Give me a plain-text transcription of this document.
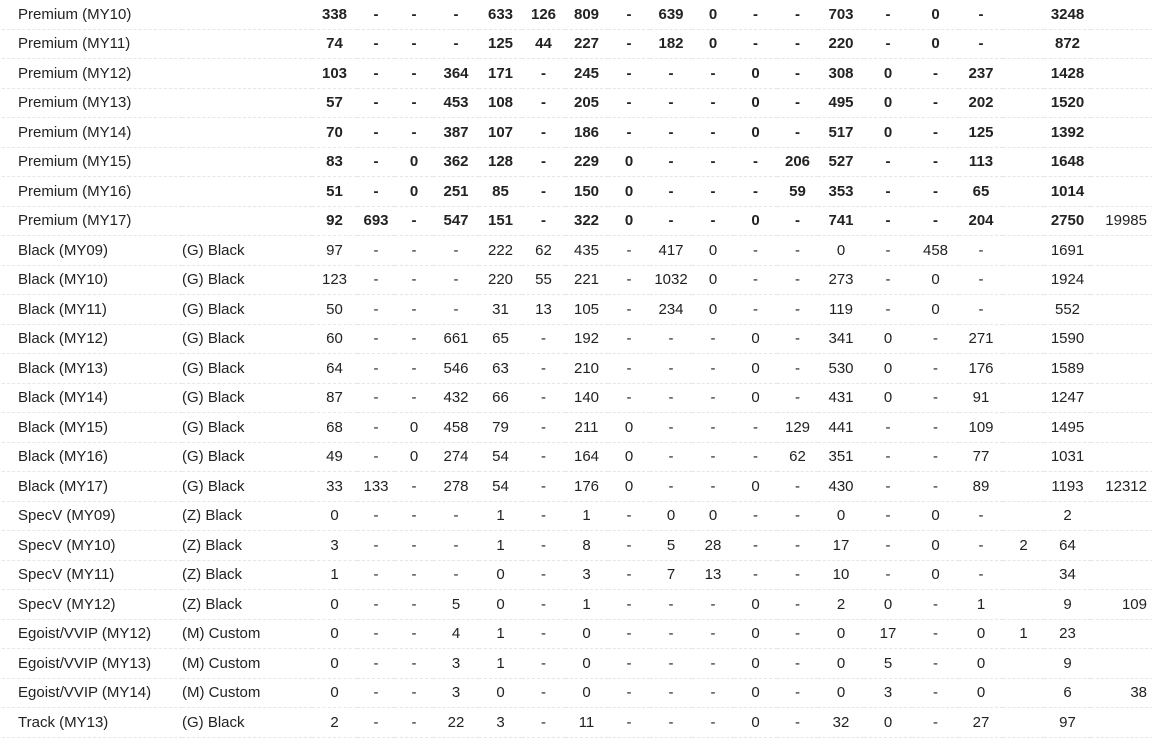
Premium (MY10)		338	-	-	-	633	126	809	-	639	0	-	-	703	-	0	-		3248	
Premium (MY11)		74	-	-	-	125	44	227	-	182	0	-	-	220	-	0	-		872	
Premium (MY12)		103	-	-	364	171	-	245	-	-	-	0	-	308	0	-	237		1428	
Premium (MY13)		57	-	-	453	108	-	205	-	-	-	0	-	495	0	-	202		1520	
Premium (MY14)		70	-	-	387	107	-	186	-	-	-	0	-	517	0	-	125		1392	
Premium (MY15)		83	-	0	362	128	-	229	0	-	-	-	206	527	-	-	113		1648	
Premium (MY16)		51	-	0	251	85	-	150	0	-	-	-	59	353	-	-	65		1014	
Premium (MY17)		92	693	-	547	151	-	322	0	-	-	0	-	741	-	-	204		2750	19985
Black (MY09)	(G) Black	97	-	-	-	222	62	435	-	417	0	-	-	0	-	458	-		1691	
Black (MY10)	(G) Black	123	-	-	-	220	55	221	-	1032	0	-	-	273	-	0	-		1924	
Black (MY11)	(G) Black	50	-	-	-	31	13	105	-	234	0	-	-	119	-	0	-		552	
Black (MY12)	(G) Black	60	-	-	661	65	-	192	-	-	-	0	-	341	0	-	271		1590	
Black (MY13)	(G) Black	64	-	-	546	63	-	210	-	-	-	0	-	530	0	-	176		1589	
Black (MY14)	(G) Black	87	-	-	432	66	-	140	-	-	-	0	-	431	0	-	91		1247	
Black (MY15)	(G) Black	68	-	0	458	79	-	211	0	-	-	-	129	441	-	-	109		1495	
Black (MY16)	(G) Black	49	-	0	274	54	-	164	0	-	-	-	62	351	-	-	77		1031	
Black (MY17)	(G) Black	33	133	-	278	54	-	176	0	-	-	0	-	430	-	-	89		1193	12312
SpecV (MY09)	(Z) Black	0	-	-	-	1	-	1	-	0	0	-	-	0	-	0	-		2	
SpecV (MY10)	(Z) Black	3	-	-	-	1	-	8	-	5	28	-	-	17	-	0	-	2	64	
SpecV (MY11)	(Z) Black	1	-	-	-	0	-	3	-	7	13	-	-	10	-	0	-		34	
SpecV (MY12)	(Z) Black	0	-	-	5	0	-	1	-	-	-	0	-	2	0	-	1		9	109
Egoist/VVIP (MY12)	(M) Custom	0	-	-	4	1	-	0	-	-	-	0	-	0	17	-	0	1	23	
Egoist/VVIP (MY13)	(M) Custom	0	-	-	3	1	-	0	-	-	-	0	-	0	5	-	0		9	
Egoist/VVIP (MY14)	(M) Custom	0	-	-	3	0	-	0	-	-	-	0	-	0	3	-	0		6	38
Track (MY13)	(G) Black	2	-	-	22	3	-	11	-	-	-	0	-	32	0	-	27		97	
